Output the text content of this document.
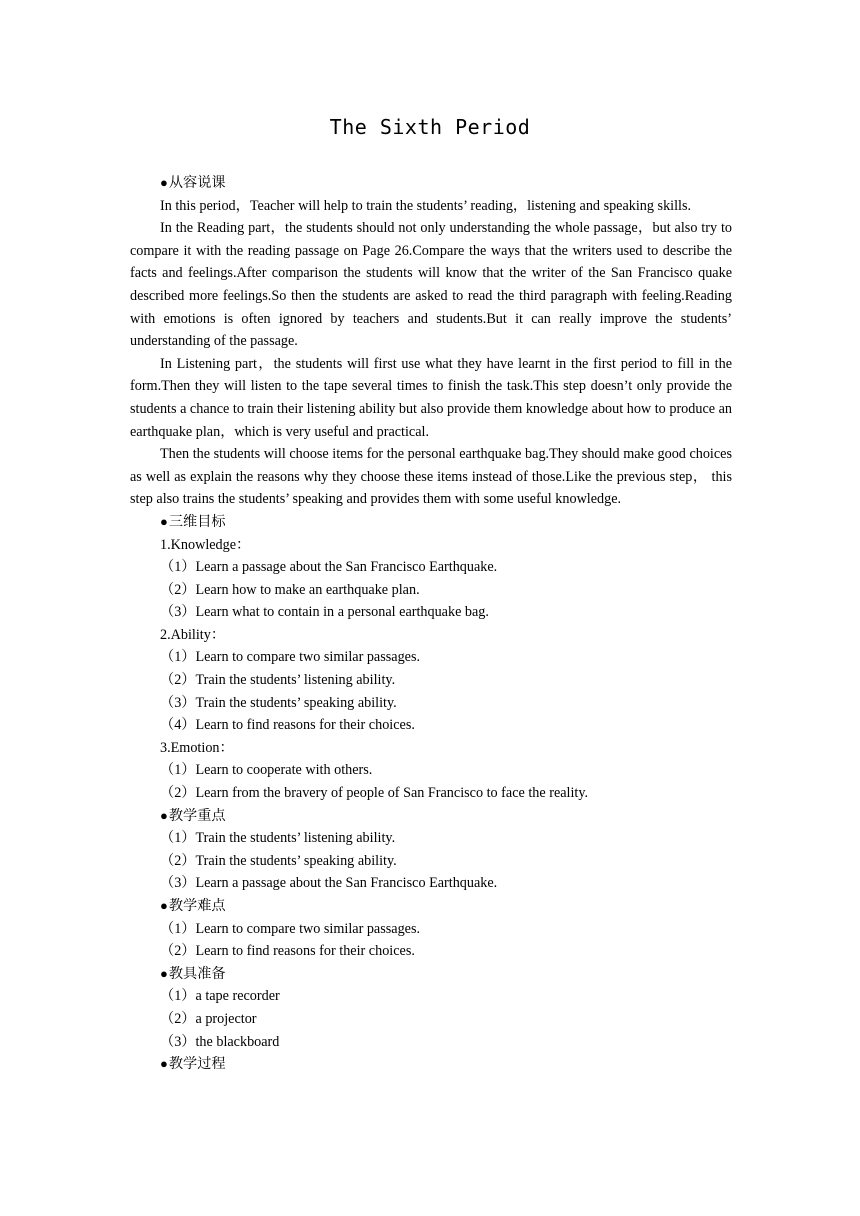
The Sixth Period
●从容说课

In this period，Teacher will help to train the students’ reading，listening and speaking skills.

In the Reading part，the students should not only understanding the whole passage，but also try to compare it with the reading passage on Page 26.Compare the ways that the writers used to describe the facts and feelings.After comparison the students will know that the writer of the San Francisco quake described more feelings.So then the students are asked to read the third paragraph with feeling.Reading with emotions is often ignored by teachers and students.But it can really improve the students’ understanding of the passage.

In Listening part，the students will first use what they have learnt in the first period to fill in the form.Then they will listen to the tape several times to finish the task.This step doesn’t only provide the students a chance to train their listening ability but also provide them knowledge about how to produce an earthquake plan，which is very useful and practical.

Then the students will choose items for the personal earthquake bag.They should make good choices as well as explain the reasons why they choose these items instead of those.Like the previous step， this step also trains the students’ speaking and provides them with some useful knowledge.

●三维目标
1.Knowledge：
（1）Learn a passage about the San Francisco Earthquake.
（2）Learn how to make an earthquake plan.
（3）Learn what to contain in a personal earthquake bag.
2.Ability：
（1）Learn to compare two similar passages.
（2）Train the students’ listening ability.
（3）Train the students’ speaking ability.
（4）Learn to find reasons for their choices.
3.Emotion：
（1）Learn to cooperate with others.
（2）Learn from the bravery of people of San Francisco to face the reality.
●教学重点
（1）Train the students’ listening ability.
（2）Train the students’ speaking ability.
（3）Learn a passage about the San Francisco Earthquake.
●教学难点
（1）Learn to compare two similar passages.
（2）Learn to find reasons for their choices.
●教具准备
（1）a tape recorder
（2）a projector
（3）the blackboard
●教学过程
